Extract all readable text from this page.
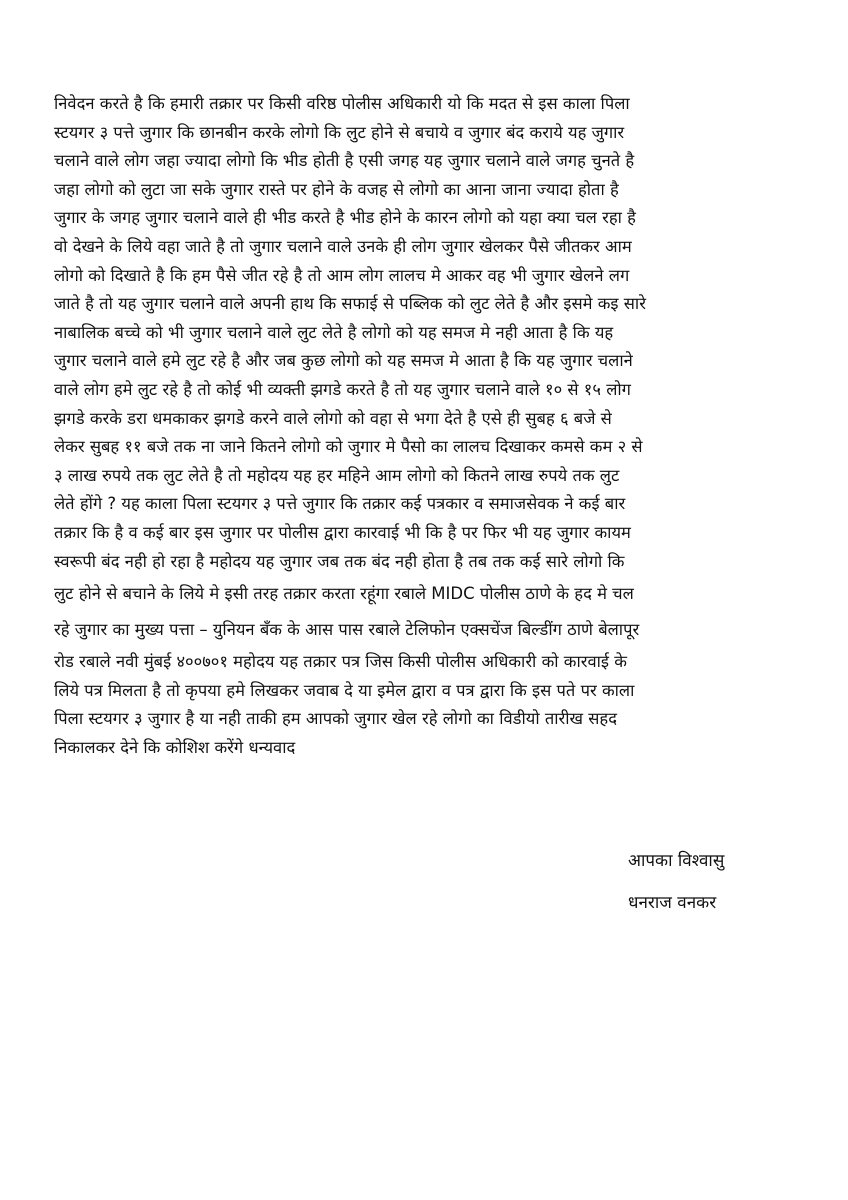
निवेदन करते है कि हमारी तक्रार पर किसी वरिष्ठ पोलीस अधिकारी यो कि मदत से इस काला पिला
स्टयगर ३ पत्ते जुगार कि छानबीन करके लोगो कि लुट होने से बचाये व जुगार बंद कराये यह जुगार
चलाने वाले लोग जहा ज्यादा लोगो कि भीड होती है एसी जगह यह जुगार चलाने वाले जगह चुनते है
जहा लोगो को लुटा जा सके जुगार रास्ते पर होने के वजह से लोगो का आना जाना ज्यादा होता है
जुगार के जगह जुगार चलाने वाले ही भीड करते है भीड होने के कारन लोगो को यहा क्या चल रहा है
वो देखने के लिये वहा जाते है तो जुगार चलाने वाले उनके ही लोग जुगार खेलकर पैसे जीतकर आम
लोगो को दिखाते है कि हम पैसे जीत रहे है तो आम लोग लालच मे आकर वह भी जुगार खेलने लग
जाते है तो यह जुगार चलाने वाले अपनी हाथ कि सफाई से पब्लिक को लुट लेते है और इसमे कइ सारे
नाबालिक बच्चे को भी जुगार चलाने वाले लुट लेते है लोगो को यह समज मे नही आता है कि यह
जुगार चलाने वाले हमे लुट रहे है और जब कुछ लोगो को यह समज मे आता है कि यह जुगार चलाने
वाले लोग हमे लुट रहे है तो कोई भी व्यक्ती झगडे करते है तो यह जुगार चलाने वाले १० से १५ लोग
झगडे करके डरा धमकाकर झगडे करने वाले लोगो को वहा से भगा देते है एसे ही सुबह ६ बजे से
लेकर सुबह ११ बजे तक ना जाने कितने लोगो को जुगार मे पैसो का लालच दिखाकर कमसे कम २ से
३ लाख रुपये तक लुट लेते है तो महोदय यह हर महिने आम लोगो को कितने लाख रुपये तक लुट
लेते होंगे ? यह काला पिला स्टयगर ३ पत्ते जुगार कि तक्रार कई पत्रकार व समाजसेवक ने कई बार
तक्रार कि है व कई बार इस जुगार पर पोलीस द्वारा कारवाई भी कि है पर फिर भी यह जुगार कायम
स्वरूपी बंद नही हो रहा है महोदय यह जुगार जब तक बंद नही होता है तब तक कई सारे लोगो कि
लुट होने से बचाने के लिये मे इसी तरह तक्रार करता रहूंगा रबाले MIDC पोलीस ठाणे के हद मे चल
रहे जुगार का मुख्य पत्ता – युनियन बँक के आस पास रबाले टेलिफोन एक्सचेंज बिल्डींग ठाणे बेलापूर
रोड रबाले नवी मुंबई ४००७०१ महोदय यह तक्रार पत्र जिस किसी पोलीस अधिकारी को कारवाई के
लिये पत्र मिलता है तो कृपया हमे लिखकर जवाब दे या इमेल द्वारा व पत्र द्वारा कि इस पते पर काला
पिला स्टयगर ३ जुगार है या नही ताकी हम आपको जुगार खेल रहे लोगो का विडीयो तारीख सहद
निकालकर देने कि कोशिश करेंगे धन्यवाद
आपका विश्वासु
धनराज वनकर
